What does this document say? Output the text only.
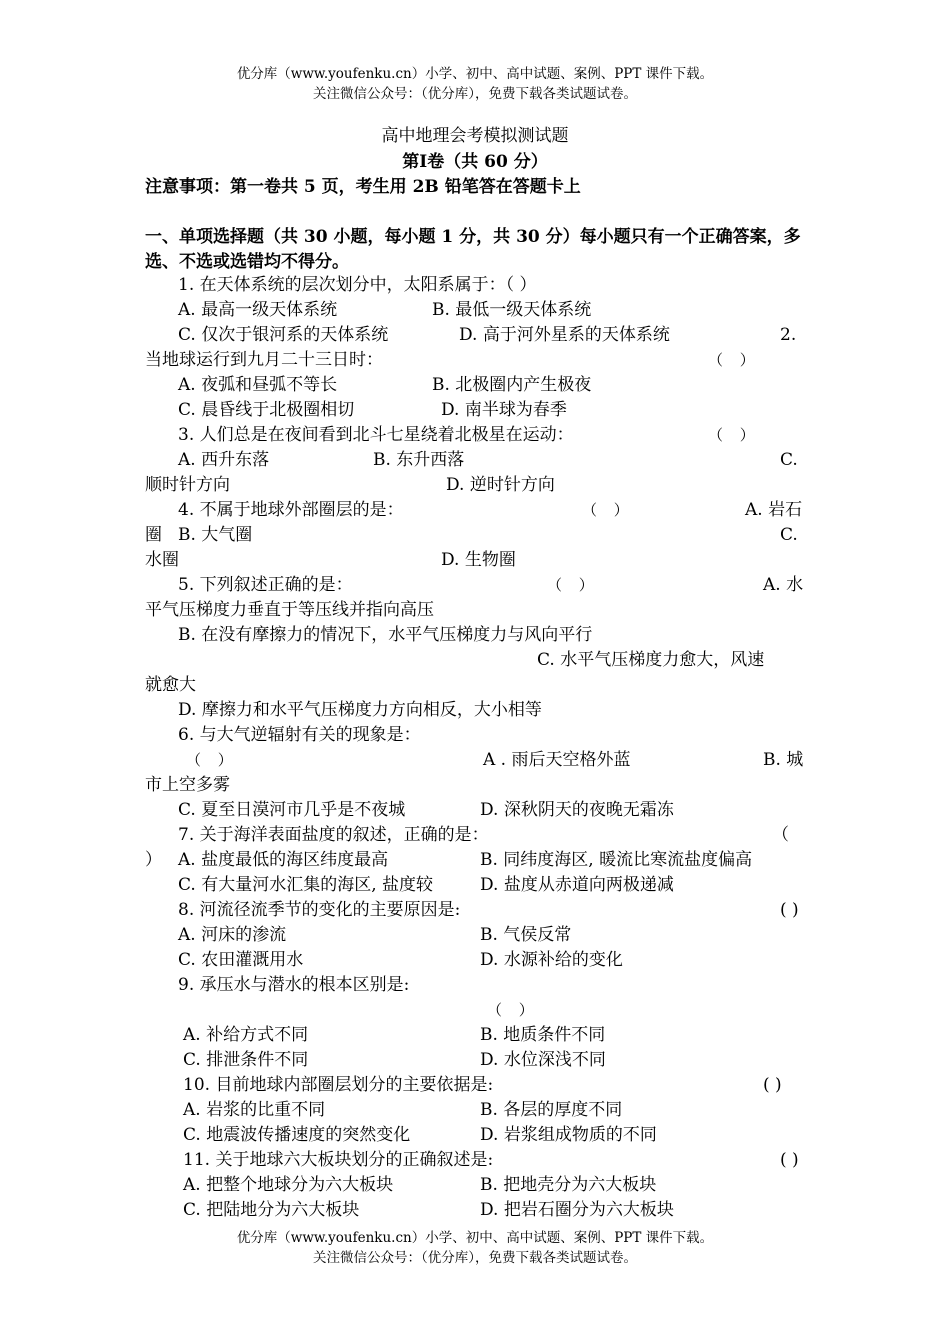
优分库（www.youfenku.cn）小学、初中、高中试题、案例、PPT 课件下载。
关注微信公众号：（优分库），免费下载各类试题试卷。
高中地理会考模拟测试题
第Ⅰ卷（共 60 分）
注意事项：第一卷共 5 页，考生用 2B 铅笔答在答题卡上
一、单项选择题（共 30 小题，每小题 1 分，共 30 分）每小题只有一个正确答案，多选、不选或选错均不得分。
1. 在天体系统的层次划分中，太阳系属于：（ ）
A. 最高一级天体系统	B. 最低一级天体系统
C. 仅次于银河系的天体系统	D. 高于河外星系的天体系统	2.
当地球运行到九月二十三日时：	（ ）
A. 夜弧和昼弧不等长	B. 北极圈内产生极夜
C. 晨昏线于北极圈相切	D. 南半球为春季
3. 人们总是在夜间看到北斗七星绕着北极星在运动：	（ ）
A. 西升东落	B. 东升西落	C.
顺时针方向	D. 逆时针方向
4. 不属于地球外部圈层的是：	（ ）	A. 岩石
圈 B. 大气圈	C.
水圈	D. 生物圈
5. 下列叙述正确的是：	（ ）	A. 水
平气压梯度力垂直于等压线并指向高压
B. 在没有摩擦力的情况下，水平气压梯度力与风向平行
C. 水平气压梯度力愈大，风速
就愈大
D. 摩擦力和水平气压梯度力方向相反，大小相等
6. 与大气逆辐射有关的现象是：
（ ）	A . 雨后天空格外蓝	B. 城
市上空多雾
C. 夏至日漠河市几乎是不夜城	D. 深秋阴天的夜晚无霜冻
7. 关于海洋表面盐度的叙述，正确的是：	（
） A. 盐度最低的海区纬度最高	B. 同纬度海区, 暖流比寒流盐度偏高
C. 有大量河水汇集的海区, 盐度较	D. 盐度从赤道向两极递减
8. 河流径流季节的变化的主要原因是:	( )
A. 河床的渗流	B. 气侯反常
C. 农田灌溉用水	D. 水源补给的变化
9. 承压水与潜水的根本区别是:
（ ）
A. 补给方式不同	B. 地质条件不同
C. 排泄条件不同	D. 水位深浅不同
10. 目前地球内部圈层划分的主要依据是:	( )
A. 岩浆的比重不同	B. 各层的厚度不同
C. 地震波传播速度的突然变化	D. 岩浆组成物质的不同
11. 关于地球六大板块划分的正确叙述是:	( )
A. 把整个地球分为六大板块	B. 把地壳分为六大板块
C. 把陆地分为六大板块	D. 把岩石圈分为六大板块
优分库（www.youfenku.cn）小学、初中、高中试题、案例、PPT 课件下载。
关注微信公众号：（优分库），免费下载各类试题试卷。
